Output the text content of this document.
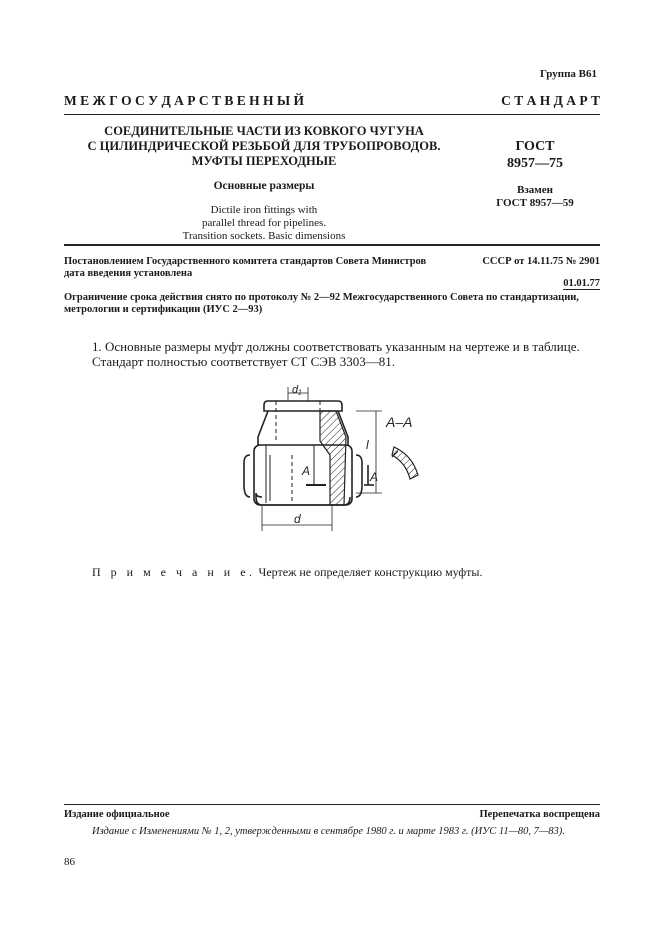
Группа В61
М Е Ж Г О С У Д А Р С Т В Е Н Н Ы Й	С Т А Н Д А Р Т
СОЕДИНИТЕЛЬНЫЕ ЧАСТИ ИЗ КОВКОГО ЧУГУНА
С ЦИЛИНДРИЧЕСКОЙ РЕЗЬБОЙ ДЛЯ ТРУБОПРОВОДОВ.
МУФТЫ ПЕРЕХОДНЫЕ
Основные размеры
Dictile iron fittings with
parallel thread for pipelines.
Transition sockets. Basic dimensions
ГОСТ
8957—75
Взамен
ГОСТ 8957—59
Постановлением Государственного комитета стандартов Совета Министров	СССР от 14.11.75 № 2901
дата введения установлена
01.01.77
Ограничение срока действия снято по протоколу № 2—92 Межгосударственного Совета по стандартизации,
метрологии и сертификации (ИУС 2—93)
1. Основные размеры муфт должны соответствовать указанным на чертеже и в таблице.
Стандарт полностью соответствует СТ СЭВ 3303—81.
d₁
l
А	А
d
А–А
П р и м е ч а н и е. Чертеж не определяет конструкцию муфты.
Издание официальное	Перепечатка воспрещена
Издание с Изменениями № 1, 2, утвержденными в сентябре 1980 г. и марте 1983 г. (ИУС 11—80, 7—83).
86
